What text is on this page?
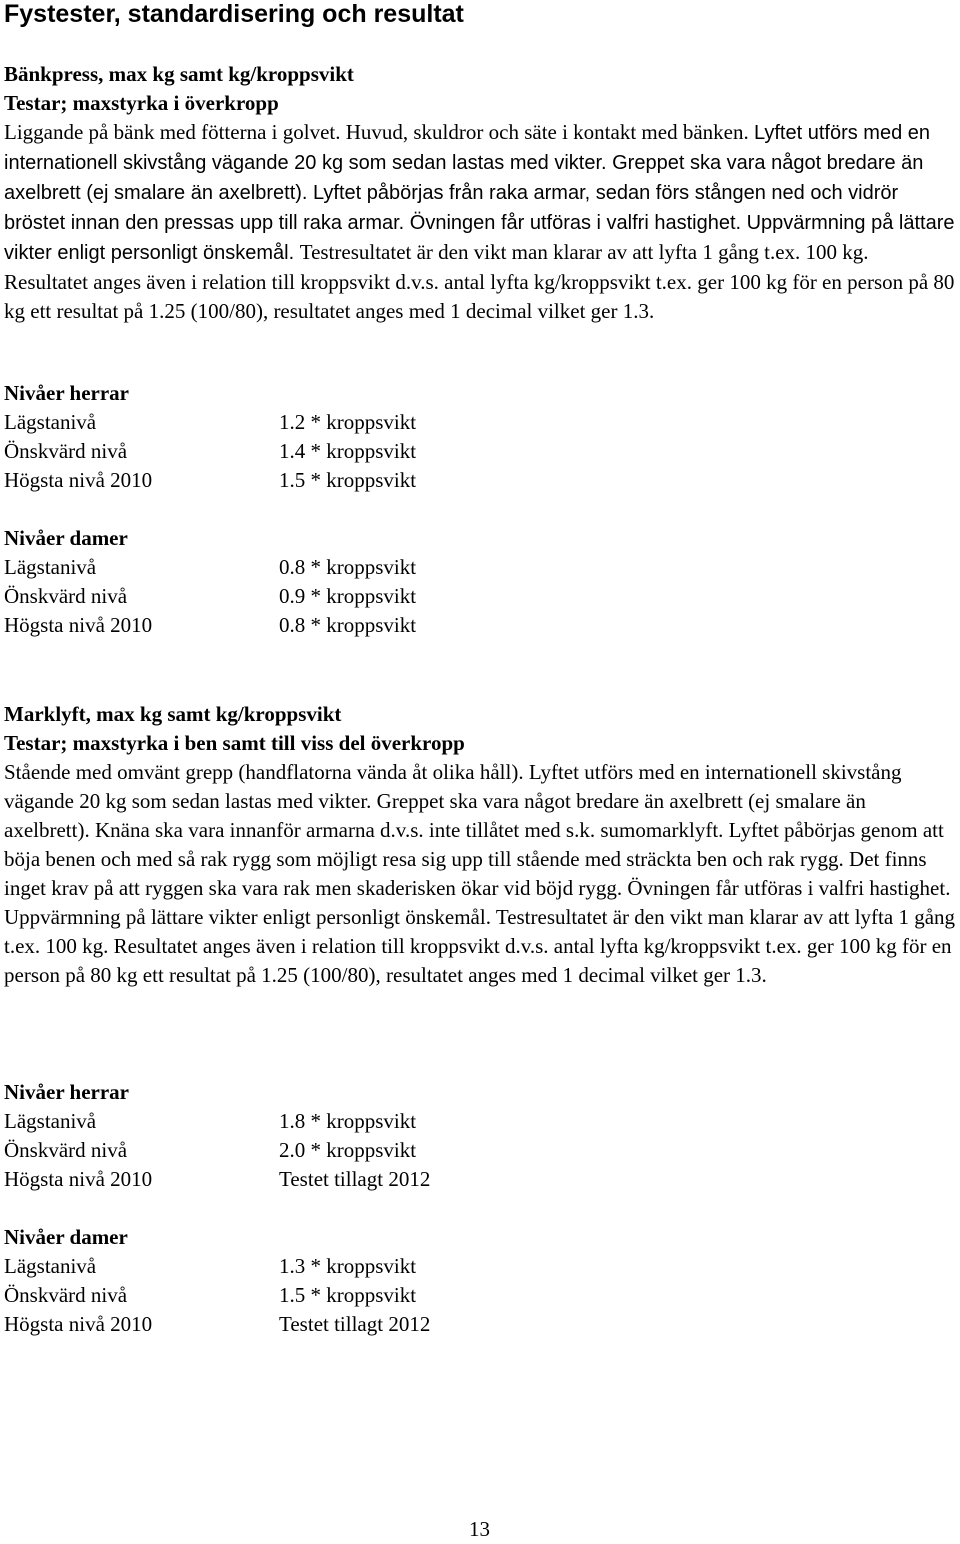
Fystester, standardisering och resultat

Bänkpress, max kg samt kg/kroppsvikt

Testar; maxstyrka i överkropp

Liggande på bänk med fötterna i golvet. Huvud, skuldror och säte i kontakt med bänken. Lyftet utförs med en internationell skivstång vägande 20 kg som sedan lastas med vikter. Greppet ska vara något bredare än axelbrett (ej smalare än axelbrett). Lyftet påbörjas från raka armar, sedan förs stången ned och vidrör bröstet innan den pressas upp till raka armar. Övningen får utföras i valfri hastighet. Uppvärmning på lättare vikter enligt personligt önskemål. Testresultatet är den vikt man klarar av att lyfta 1 gång t.ex. 100 kg. Resultatet anges även i relation till kroppsvikt d.v.s. antal lyfta kg/kroppsvikt t.ex. ger 100 kg för en person på 80 kg ett resultat på 1.25 (100/80), resultatet anges med 1 decimal vilket ger 1.3.

Nivåer herrar

Lägstanivå	1.2 * kroppsvikt
Önskvärd nivå	1.4 * kroppsvikt
Högsta nivå 2010	1.5 * kroppsvikt

Nivåer damer

Lägstanivå	0.8 * kroppsvikt
Önskvärd nivå	0.9 * kroppsvikt
Högsta nivå 2010	0.8 * kroppsvikt

Marklyft, max kg samt kg/kroppsvikt

Testar; maxstyrka i ben samt till viss del överkropp

Stående med omvänt grepp (handflatorna vända åt olika håll). Lyftet utförs med en internationell skivstång vägande 20 kg som sedan lastas med vikter. Greppet ska vara något bredare än axelbrett (ej smalare än axelbrett). Knäna ska vara innanför armarna d.v.s. inte tillåtet med s.k. sumomarklyft. Lyftet påbörjas genom att böja benen och med så rak rygg som möjligt resa sig upp till stående med sträckta ben och rak rygg. Det finns inget krav på att ryggen ska vara rak men skaderisken ökar vid böjd rygg. Övningen får utföras i valfri hastighet. Uppvärmning på lättare vikter enligt personligt önskemål. Testresultatet är den vikt man klarar av att lyfta 1 gång t.ex. 100 kg. Resultatet anges även i relation till kroppsvikt d.v.s. antal lyfta kg/kroppsvikt t.ex. ger 100 kg för en person på 80 kg ett resultat på 1.25 (100/80), resultatet anges med 1 decimal vilket ger 1.3.

Nivåer herrar

Lägstanivå	1.8 * kroppsvikt
Önskvärd nivå	2.0 * kroppsvikt
Högsta nivå 2010	Testet tillagt 2012

Nivåer damer

Lägstanivå	1.3 * kroppsvikt
Önskvärd nivå	1.5 * kroppsvikt
Högsta nivå 2010	Testet tillagt 2012

13
